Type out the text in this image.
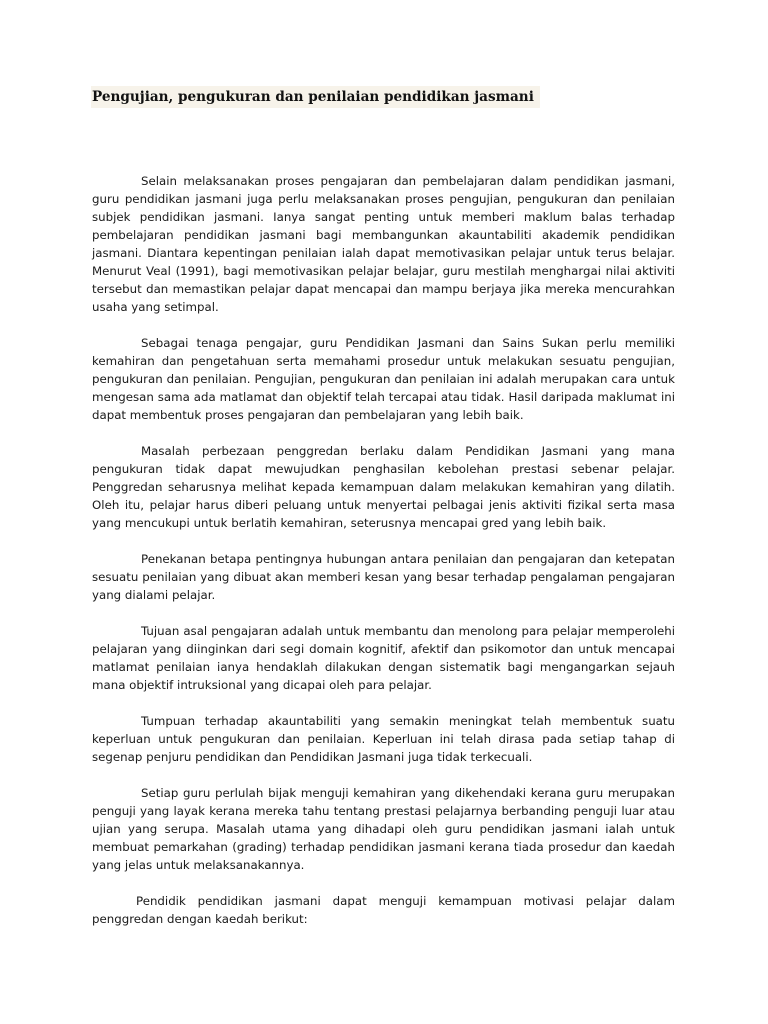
Pengujian, pengukuran dan penilaian pendidikan jasmani

Selain melaksanakan proses pengajaran dan pembelajaran dalam pendidikan jasmani, guru pendidikan jasmani juga perlu melaksanakan proses pengujian, pengukuran dan penilaian subjek pendidikan jasmani. Ianya sangat penting untuk memberi maklum balas terhadap pembelajaran pendidikan jasmani bagi membangunkan akauntabiliti akademik pendidikan jasmani. Diantara kepentingan penilaian ialah dapat memotivasikan pelajar untuk terus belajar. Menurut Veal (1991), bagi memotivasikan pelajar belajar, guru mestilah menghargai nilai aktiviti tersebut dan memastikan pelajar dapat mencapai dan mampu berjaya jika mereka mencurahkan usaha yang setimpal.

Sebagai tenaga pengajar, guru Pendidikan Jasmani dan Sains Sukan perlu memiliki kemahiran dan pengetahuan serta memahami prosedur untuk melakukan sesuatu pengujian, pengukuran dan penilaian. Pengujian, pengukuran dan penilaian ini adalah merupakan cara untuk mengesan sama ada matlamat dan objektif telah tercapai atau tidak. Hasil daripada maklumat ini dapat membentuk proses pengajaran dan pembelajaran yang lebih baik.

Masalah perbezaan penggredan berlaku dalam Pendidikan Jasmani yang mana pengukuran tidak dapat mewujudkan penghasilan kebolehan prestasi sebenar pelajar. Penggredan seharusnya melihat kepada kemampuan dalam melakukan kemahiran yang dilatih. Oleh itu, pelajar harus diberi peluang untuk menyertai pelbagai jenis aktiviti fizikal serta masa yang mencukupi untuk berlatih kemahiran, seterusnya mencapai gred yang lebih baik.

Penekanan betapa pentingnya hubungan antara penilaian dan pengajaran dan ketepatan sesuatu penilaian yang dibuat akan memberi kesan yang besar terhadap pengalaman pengajaran yang dialami pelajar.

Tujuan asal pengajaran adalah untuk membantu dan menolong para pelajar memperolehi pelajaran yang diinginkan dari segi domain kognitif, afektif dan psikomotor dan untuk mencapai matlamat penilaian ianya hendaklah dilakukan dengan sistematik bagi mengangarkan sejauh mana objektif intruksional yang dicapai oleh para pelajar.

Tumpuan terhadap akauntabiliti yang semakin meningkat telah membentuk suatu keperluan untuk pengukuran dan penilaian. Keperluan ini telah dirasa pada setiap tahap di segenap penjuru pendidikan dan Pendidikan Jasmani juga tidak terkecuali.

Setiap guru perlulah bijak menguji kemahiran yang dikehendaki kerana guru merupakan penguji yang layak kerana mereka tahu tentang prestasi pelajarnya berbanding penguji luar atau ujian yang serupa. Masalah utama yang dihadapi oleh guru pendidikan jasmani ialah untuk membuat pemarkahan (grading) terhadap pendidikan jasmani kerana tiada prosedur dan kaedah yang jelas untuk melaksanakannya.

Pendidik pendidikan jasmani dapat menguji kemampuan motivasi pelajar dalam penggredan dengan kaedah berikut:
